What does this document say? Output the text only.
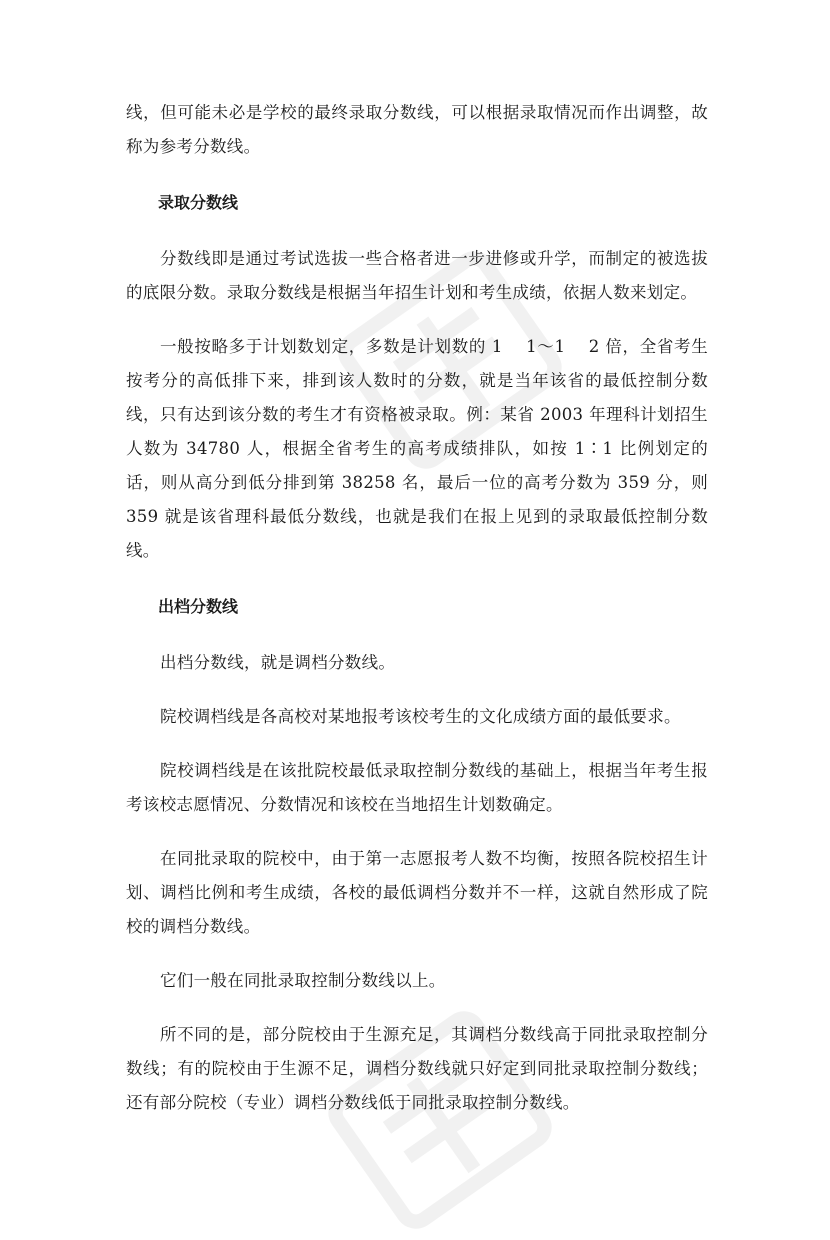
线，但可能未必是学校的最终录取分数线，可以根据录取情况而作出调整，故称为参考分数线。

录取分数线

分数线即是通过考试选拔一些合格者进一步进修或升学，而制定的被选拔的底限分数。录取分数线是根据当年招生计划和考生成绩，依据人数来划定。

一般按略多于计划数划定，多数是计划数的 1　 1～1　 2 倍，全省考生按考分的高低排下来，排到该人数时的分数，就是当年该省的最低控制分数线，只有达到该分数的考生才有资格被录取。例：某省 2003 年理科计划招生人数为 34780 人，根据全省考生的高考成绩排队，如按 1∶1 比例划定的话，则从高分到低分排到第 38258 名，最后一位的高考分数为 359 分，则 359 就是该省理科最低分数线，也就是我们在报上见到的录取最低控制分数线。

出档分数线

出档分数线，就是调档分数线。

院校调档线是各高校对某地报考该校考生的文化成绩方面的最低要求。

院校调档线是在该批院校最低录取控制分数线的基础上，根据当年考生报考该校志愿情况、分数情况和该校在当地招生计划数确定。

在同批录取的院校中，由于第一志愿报考人数不均衡，按照各院校招生计划、调档比例和考生成绩，各校的最低调档分数并不一样，这就自然形成了院校的调档分数线。

它们一般在同批录取控制分数线以上。

所不同的是，部分院校由于生源充足，其调档分数线高于同批录取控制分数线；有的院校由于生源不足，调档分数线就只好定到同批录取控制分数线；还有部分院校（专业）调档分数线低于同批录取控制分数线。
